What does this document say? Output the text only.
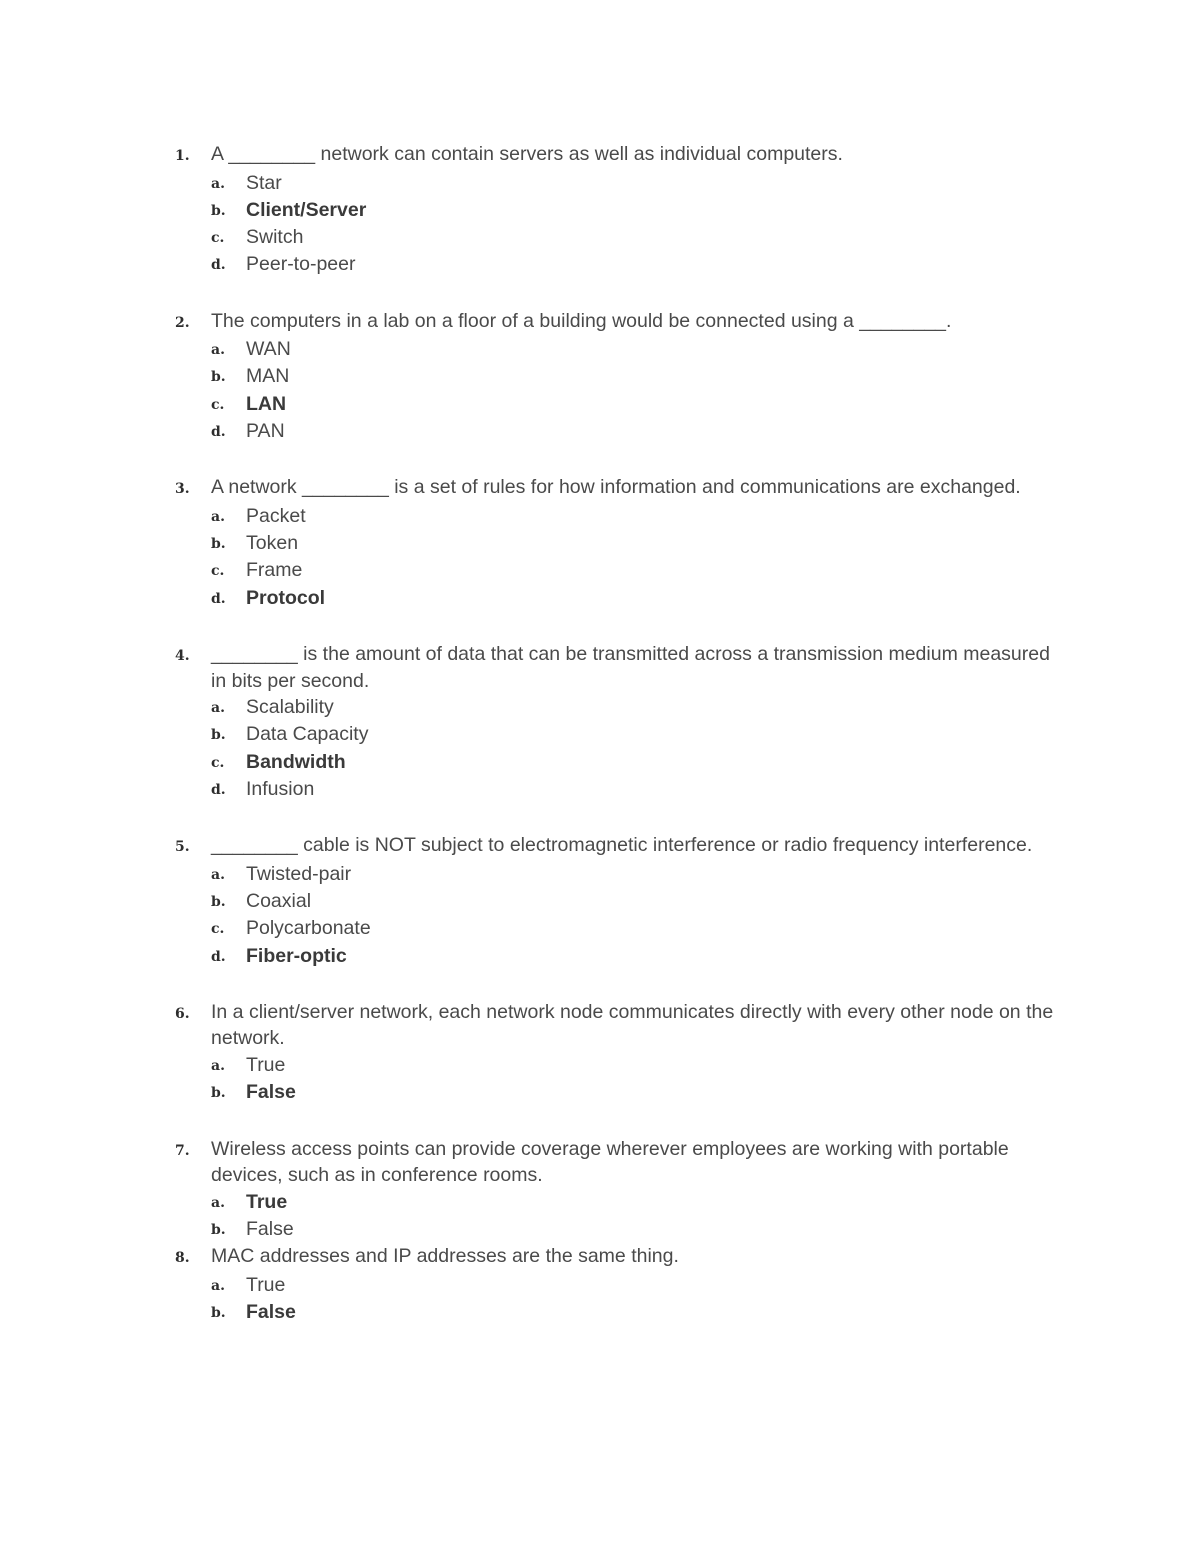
1.	A ________ network can contain servers as well as individual computers.
a.	Star
b.	Client/Server
c.	Switch
d.	Peer-to-peer
2.	The computers in a lab on a floor of a building would be connected using a ________.
a.	WAN
b.	MAN
c.	LAN
d.	PAN
3.	A network ________ is a set of rules for how information and communications are exchanged.
a.	Packet
b.	Token
c.	Frame
d.	Protocol
4.	________ is the amount of data that can be transmitted across a transmission medium measured in bits per second.
a.	Scalability
b.	Data Capacity
c.	Bandwidth
d.	Infusion
5.	________ cable is NOT subject to electromagnetic interference or radio frequency interference.
a.	Twisted-pair
b.	Coaxial
c.	Polycarbonate
d.	Fiber-optic
6.	In a client/server network, each network node communicates directly with every other node on the network.
a.	True
b.	False
7.	Wireless access points can provide coverage wherever employees are working with portable devices, such as in conference rooms.
a.	True
b.	False
8.	MAC addresses and IP addresses are the same thing.
a.	True
b.	False
